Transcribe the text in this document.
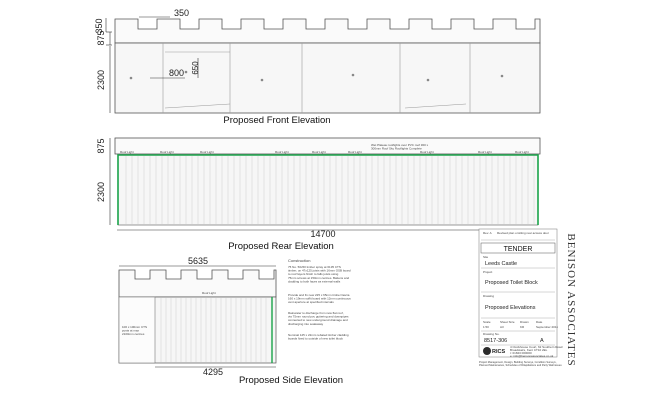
350
350
875
2300	800 650
Proposed Front Elevation
Roof Light	Roof Light	Roof Light	Roof Light	Roof Light	Roof Light	Roof Light	Roof Light	Roof Light
Wet Plateau rooflights over PVC roof 300 x 300mm Roof Sky Rooflights Complete
875
2300
14700
Proposed Rear Elevation
Roof Light
100 x 100mm CTS posts at max 2100mm centres
5635
4295
Proposed Side Elevation
Construction
75 No. 50x50 timber spray at 6135 CTS timber, on 47x125 joists with 16mm OSB board to roof layers finish to falls joists using 75mm screws at 150mm centres. Battens and cladding to both faces as external walls
Provide and fix new 225 x 65mm timber fascia 160 x 19mm soffit board with 12mm continuous vent aperture at specified intervals
Rainwater to discharge from new flat roof, via 75mm round pvc guttering and downpipes connected to new underground drainage and discharging into soakaway
Nominal 125 x 22mm rebated timber cladding boards fixed to outside of new toilet block
Rev. A Revised plan omitting rear access door
TENDER
Site
Leeds Castle
Project
Proposed Toilet Block
Drawing
Proposed Elevations
Scale	Sheet Size Drawn Date
1:50	A3	KR	September 2011
Drawing No.
8517-306	A
RICS
4 Clockhouse Court, 62 Southern Road
Broadstairs, Kent CT10 2EL
t: 01843 000000
e: info@bensonassociates.co.uk
Project Management, Design, Building Surveys, Condition Surveys, Planned Maintenance, Schedules of Dilapidations and Party Wall issues BENISON ASSOCIATES
